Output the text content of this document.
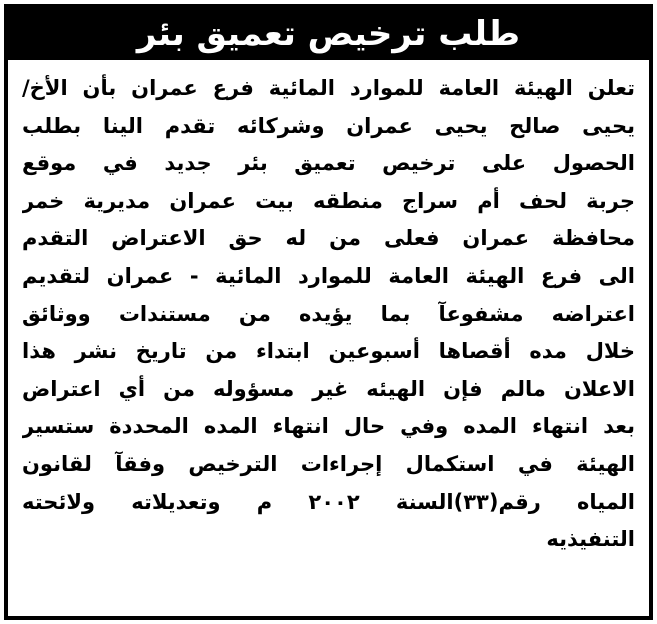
طلب ترخيص تعميق بئر
تعلن الهيئة العامة للموارد المائية فرع عمران بأن الأخ/
يحيى صالح يحيى عمران وشركائه تقدم الينا بطلب
الحصول على ترخيص تعميق بئر جديد في موقع
جربة لحف أم سراج منطقه بيت عمران مديرية خمر
محافظة عمران فعلى من له حق الاعتراض التقدم
الى فرع الهيئة العامة للموارد المائية - عمران لتقديم
اعتراضه مشفوعآ بما يؤيده من مستندات ووثائق
خلال مده أقصاها أسبوعين ابتداء من تاريخ نشر هذا
الاعلان مالم فإن الهيئه غير مسؤوله من أي اعتراض
بعد انتهاء المده وفي حال انتهاء المده المحددة ستسير
الهيئة في استكمال إجراءات الترخيص وفقآ لقانون
المياه رقم(٣٣)السنة ٢٠٠٢ م وتعديلاته ولائحته
التنفيذيه
